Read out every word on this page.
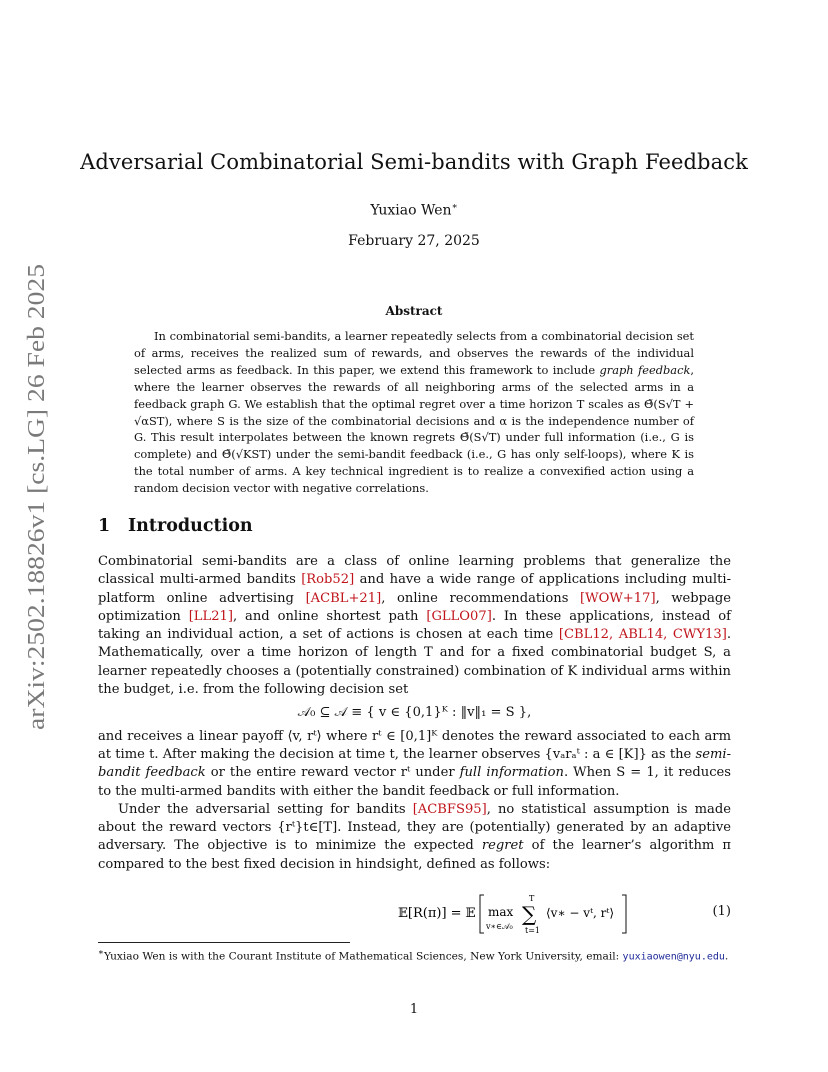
arXiv:2502.18826v1 [cs.LG] 26 Feb 2025
Adversarial Combinatorial Semi-bandits with Graph Feedback
Yuxiao Wen∗
February 27, 2025
Abstract

In combinatorial semi-bandits, a learner repeatedly selects from a combinatorial decision set of arms, receives the realized sum of rewards, and observes the rewards of the individual selected arms as feedback. In this paper, we extend this framework to include graph feedback, where the learner observes the rewards of all neighboring arms of the selected arms in a feedback graph G. We establish that the optimal regret over a time horizon T scales as Θ̃(S√T + √αST), where S is the size of the combinatorial decisions and α is the independence number of G. This result interpolates between the known regrets Θ̃(S√T) under full information (i.e., G is complete) and Θ̃(√KST) under the semi-bandit feedback (i.e., G has only self-loops), where K is the total number of arms. A key technical ingredient is to realize a convexified action using a random decision vector with negative correlations.

1 Introduction

Combinatorial semi-bandits are a class of online learning problems that generalize the classical multi-armed bandits [Rob52] and have a wide range of applications including multi-platform online advertising [ACBL+21], online recommendations [WOW+17], webpage optimization [LL21], and online shortest path [GLLO07]. In these applications, instead of taking an individual action, a set of actions is chosen at each time [CBL12, ABL14, CWY13]. Mathematically, over a time horizon of length T and for a fixed combinatorial budget S, a learner repeatedly chooses a (potentially constrained) combination of K individual arms within the budget, i.e. from the following decision set

𝒜₀ ⊆ 𝒜 ≡ { v ∈ {0,1}ᴷ : ‖v‖₁ = S },

and receives a linear payoff ⟨v, rᵗ⟩ where rᵗ ∈ [0,1]ᴷ denotes the reward associated to each arm at time t. After making the decision at time t, the learner observes {vₐrₐᵗ : a ∈ [K]} as the semi-bandit feedback or the entire reward vector rᵗ under full information. When S = 1, it reduces to the multi-armed bandits with either the bandit feedback or full information.

Under the adversarial setting for bandits [ACBFS95], no statistical assumption is made about the reward vectors {rᵗ}t∈[T]. Instead, they are (potentially) generated by an adaptive adversary. The objective is to minimize the expected regret of the learner’s algorithm π compared to the best fixed decision in hindsight, defined as follows:

𝔼[R(π)] = 𝔼 max
v∗∈𝒜₀
T
∑
t=1
⟨v∗ − vᵗ, rᵗ⟩	(1)
∗Yuxiao Wen is with the Courant Institute of Mathematical Sciences, New York University, email: yuxiaowen@nyu.edu.
1
